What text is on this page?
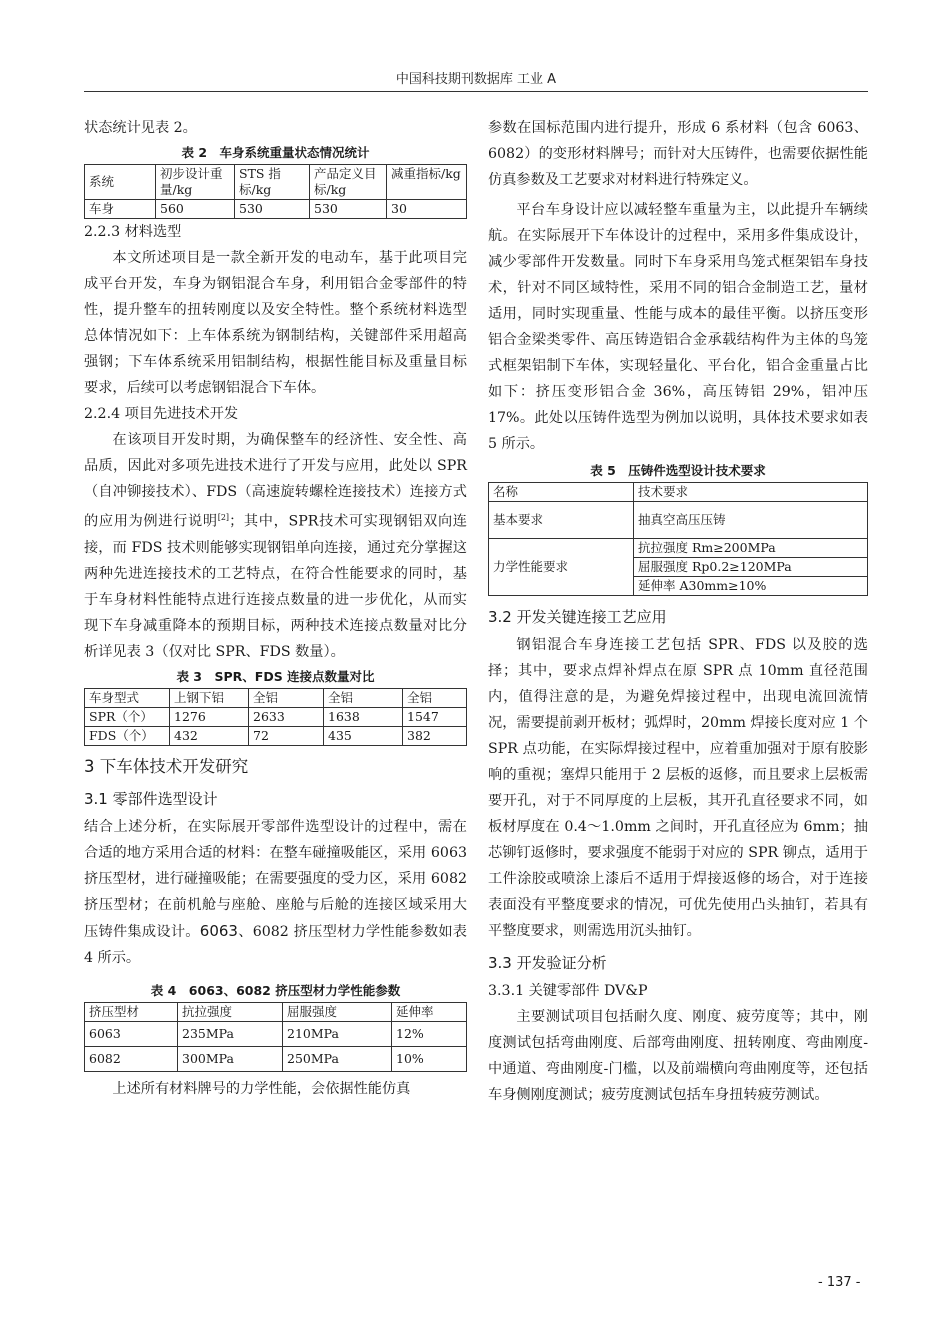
中国科技期刊数据库 工业 A

状态统计见表 2。

表 2　车身系统重量状态情况统计
系统	初步设计重量/kg	STS 指标/kg	产品定义目标/kg	减重指标/kg
车身	560	530	530	30
2.2.3 材料选型

本文所述项目是一款全新开发的电动车，基于此项目完成平台开发，车身为钢铝混合车身，利用铝合金零部件的特性，提升整车的扭转刚度以及安全特性。整个系统材料选型总体情况如下：上车体系统为钢制结构，关键部件采用超高强钢；下车体系统采用铝制结构，根据性能目标及重量目标要求，后续可以考虑钢铝混合下车体。

2.2.4 项目先进技术开发

在该项目开发时期，为确保整车的经济性、安全性、高品质，因此对多项先进技术进行了开发与应用，此处以 SPR（自冲铆接技术）、FDS（高速旋转螺栓连接技术）连接方式的应用为例进行说明[2]；其中，SPR技术可实现钢铝双向连接，而 FDS 技术则能够实现钢铝单向连接，通过充分掌握这两种先进连接技术的工艺特点，在符合性能要求的同时，基于车身材料性能特点进行连接点数量的进一步优化，从而实现下车身减重降本的预期目标，两种技术连接点数量对比分析详见表 3（仅对比 SPR、FDS 数量）。

表 3　SPR、FDS 连接点数量对比
车身型式	上钢下铝	全铝	全铝	全铝
SPR（个）	1276	2633	1638	1547
FDS（个）	432	72	435	382
3 下车体技术开发研究
3.1 零部件选型设计

结合上述分析，在实际展开零部件选型设计的过程中，需在合适的地方采用合适的材料：在整车碰撞吸能区，采用 6063 挤压型材，进行碰撞吸能；在需要强度的受力区，采用 6082 挤压型材；在前机舱与座舱、座舱与后舱的连接区域采用大压铸件集成设计。6063、6082 挤压型材力学性能参数如表 4 所示。

表 4　6063、6082 挤压型材力学性能参数
挤压型材	抗拉强度	屈服强度	延伸率
6063	235MPa	210MPa	12%
6082	300MPa	250MPa	10%

上述所有材料牌号的力学性能，会依据性能仿真

参数在国标范围内进行提升，形成 6 系材料（包含 6063、6082）的变形材料牌号；而针对大压铸件，也需要依据性能仿真参数及工艺要求对材料进行特殊定义。

平台车身设计应以减轻整车重量为主，以此提升车辆续航。在实际展开下车体设计的过程中，采用多件集成设计，减少零部件开发数量。同时下车身采用鸟笼式框架铝车身技术，针对不同区域特性，采用不同的铝合金制造工艺，量材适用，同时实现重量、性能与成本的最佳平衡。以挤压变形铝合金梁类零件、高压铸造铝合金承载结构件为主体的鸟笼式框架铝制下车体，实现轻量化、平台化，铝合金重量占比如下：挤压变形铝合金 36%，高压铸铝 29%，铝冲压 17%。此处以压铸件选型为例加以说明，具体技术要求如表 5 所示。

表 5　压铸件选型设计技术要求
名称	技术要求
基本要求	抽真空高压压铸
力学性能要求	抗拉强度 Rm≥200MPa
	屈服强度 Rp0.2≥120MPa
	延伸率 A30mm≥10%
3.2 开发关键连接工艺应用

钢铝混合车身连接工艺包括 SPR、FDS 以及胶的选择；其中，要求点焊补焊点在原 SPR 点 10mm 直径范围内，值得注意的是，为避免焊接过程中，出现电流回流情况，需要提前剥开板材；弧焊时，20mm 焊接长度对应 1 个 SPR 点功能，在实际焊接过程中，应着重加强对于原有胶影响的重视；塞焊只能用于 2 层板的返修，而且要求上层板需要开孔，对于不同厚度的上层板，其开孔直径要求不同，如板材厚度在 0.4～1.0mm 之间时，开孔直径应为 6mm；抽芯铆钉返修时，要求强度不能弱于对应的 SPR 铆点，适用于工件涂胶或喷涂上漆后不适用于焊接返修的场合，对于连接表面没有平整度要求的情况，可优先使用凸头抽钉，若具有平整度要求，则需选用沉头抽钉。

3.3 开发验证分析
3.3.1 关键零部件 DV&P

主要测试项目包括耐久度、刚度、疲劳度等；其中，刚度测试包括弯曲刚度、后部弯曲刚度、扭转刚度、弯曲刚度-中通道、弯曲刚度-门槛，以及前端横向弯曲刚度等，还包括车身侧刚度测试；疲劳度测试包括车身扭转疲劳测试。

- 137 -
